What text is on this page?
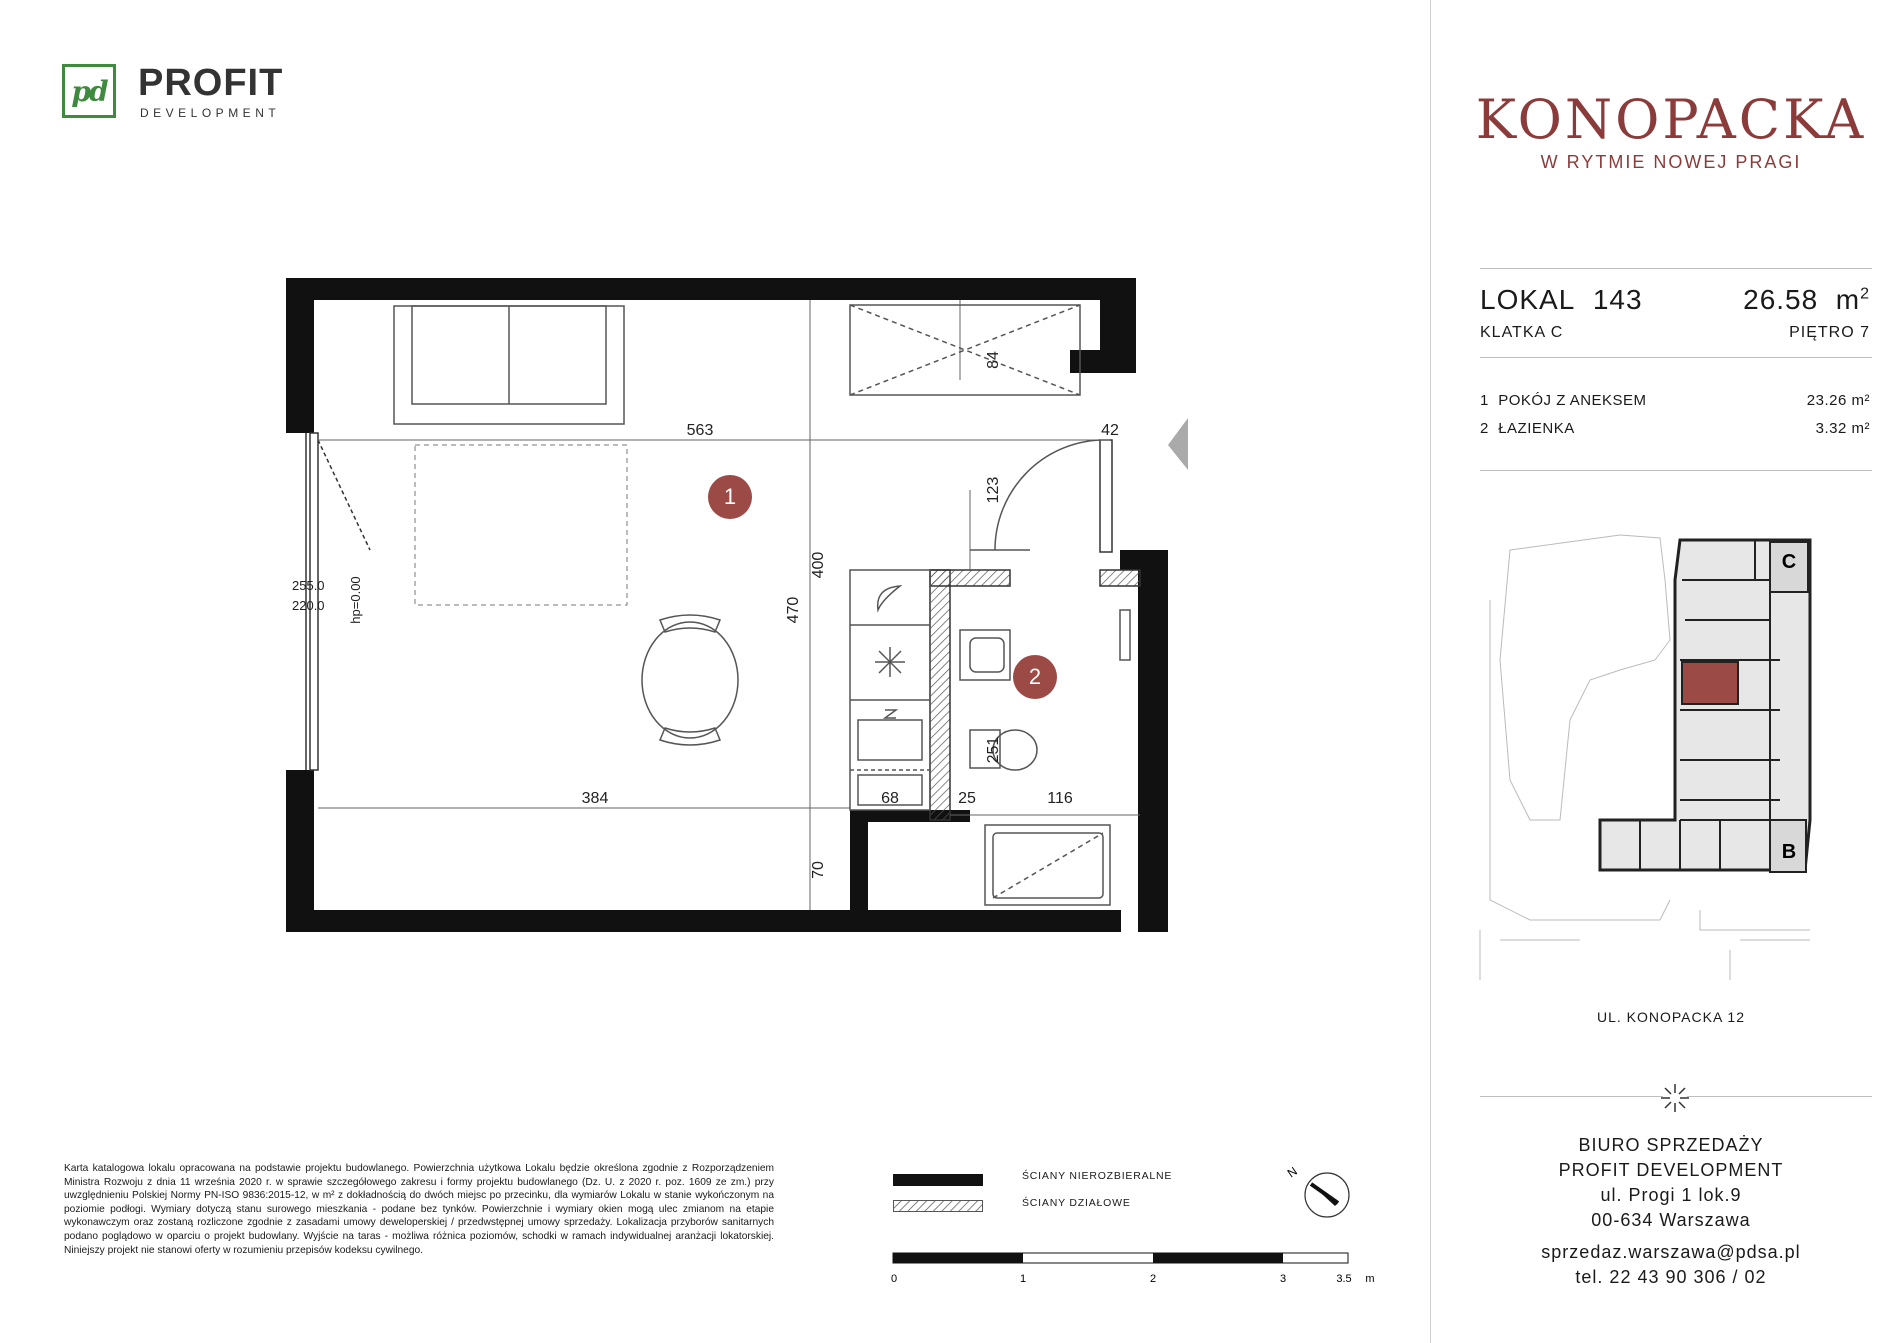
pd PROFIT
DEVELOPMENT	KONOPACKA
W RYTMIE NOWEJ PRAGI
LOKAL 143	26.58 $m^2$
KLATKA C	PIĘTRO 7
1 POKÓJ Z ANEKSEM	23.26 m²
2 ŁAZIENKA	3.32 m²
C
B
UL. KONOPACKA 12
BIURO SPRZEDAŻY
PROFIT DEVELOPMENT
ul. Progi 1 lok.9
00-634 Warszawa
sprzedaz.warszawa@pdsa.pl
tel. 22 43 90 306 / 02
Karta katalogowa lokalu opracowana na podstawie projektu budowlanego. Powierzchnia użytkowa Lokalu będzie określona zgodnie z Rozporządzeniem Ministra Rozwoju z dnia 11 września 2020 r. w sprawie szczegółowego zakresu i formy projektu budowlanego (Dz. U. z 2020 r. poz. 1609 ze zm.) przy uwzględnieniu Polskiej Normy PN-ISO 9836:2015-12, w m² z dokładnością do dwóch miejsc po przecinku, dla wymiarów Lokalu w stanie wykończonym na poziomie podłogi. Wymiary dotyczą stanu surowego mieszkania - podane bez tynków. Powierzchnie i wymiary okien mogą ulec zmianom na etapie wykonawczym oraz zostaną rozliczone zgodnie z zasadami umowy deweloperskiej / przedwstępnej umowy sprzedaży. Lokalizacja przyborów sanitarnych podano poglądowo w oparciu o projekt budowlany. Wyjście na taras - możliwa różnica poziomów, schodki w ramach indywidualnej aranżacji lokatorskiej. Niniejszy projekt nie stanowi oferty w rozumieniu przepisów kodeksu cywilnego.
ŚCIANY NIEROZBIERALNE
ŚCIANY DZIAŁOWE
N
0	1	2	3	3.5 m
1
2
563	42
84
123
400
470
384	68	25	116
251
70
255.0
220.0 hp=0.00
